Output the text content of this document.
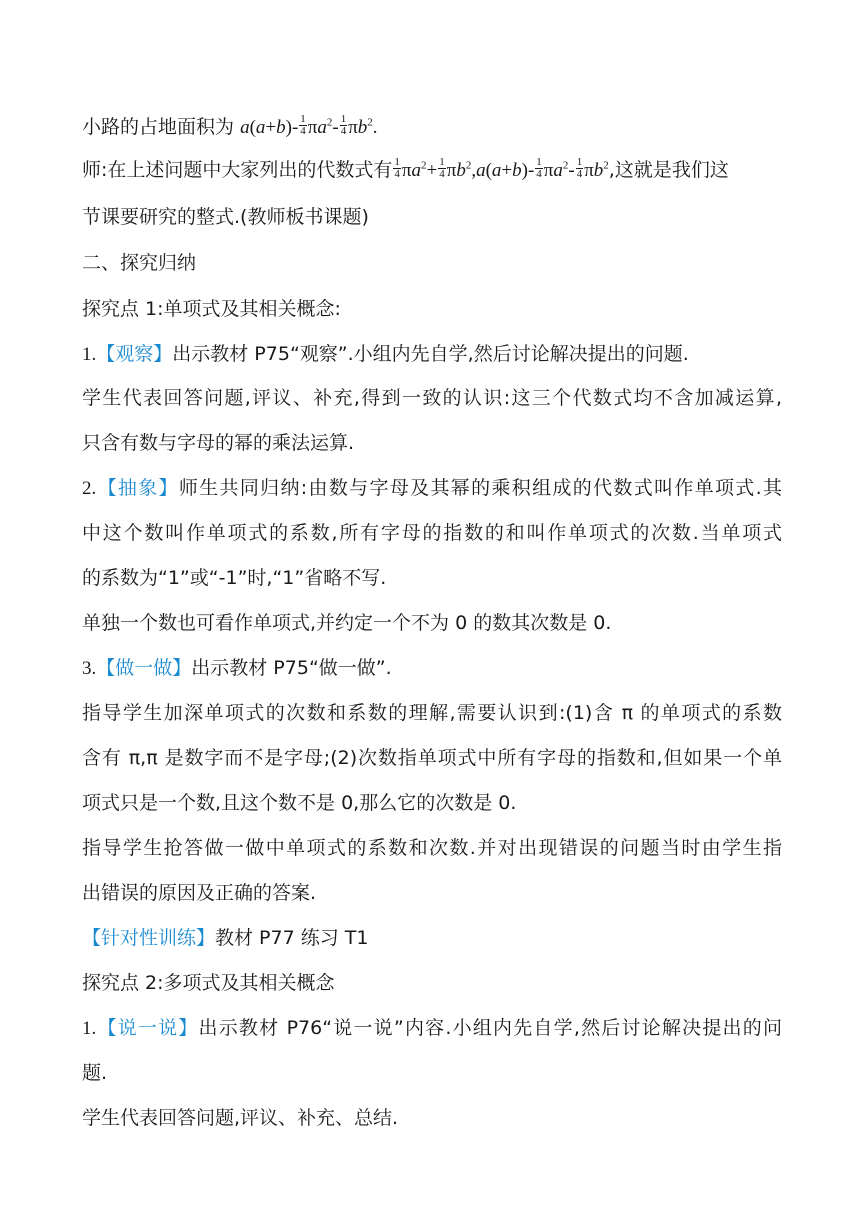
小路的占地面积为 $a(a+b)- \frac{1}{4} \pi a^2- \frac{1}{4} \pi b^2$.
师:在上述问题中大家列出的代数式有 $\frac{1}{4} \pi a^2+ \frac{1}{4} \pi b^2,a(a+b)- \frac{1}{4} \pi a^2- \frac{1}{4} \pi b^2$,这就是我们这
节课要研究的整式.(教师板书课题)
二、探究归纳
探究点 1:单项式及其相关概念:
1.【观察】出示教材 P75“观察”.小组内先自学,然后讨论解决提出的问题.
学生代表回答问题,评议、补充,得到一致的认识:这三个代数式均不含加减运算,
只含有数与字母的幂的乘法运算.
2.【抽象】师生共同归纳:由数与字母及其幂的乘积组成的代数式叫作单项式.其
中这个数叫作单项式的系数,所有字母的指数的和叫作单项式的次数.当单项式
的系数为“1”或“-1”时,“1”省略不写.
单独一个数也可看作单项式,并约定一个不为 0 的数其次数是 0.
3.【做一做】出示教材 P75“做一做”.
指导学生加深单项式的次数和系数的理解,需要认识到:(1)含 π 的单项式的系数
含有 π,π 是数字而不是字母;(2)次数指单项式中所有字母的指数和,但如果一个单
项式只是一个数,且这个数不是 0,那么它的次数是 0.
指导学生抢答做一做中单项式的系数和次数.并对出现错误的问题当时由学生指
出错误的原因及正确的答案.
【针对性训练】教材 P77 练习 T1
探究点 2:多项式及其相关概念
1.【说一说】出示教材 P76“说一说”内容.小组内先自学,然后讨论解决提出的问
题.
学生代表回答问题,评议、补充、总结.
